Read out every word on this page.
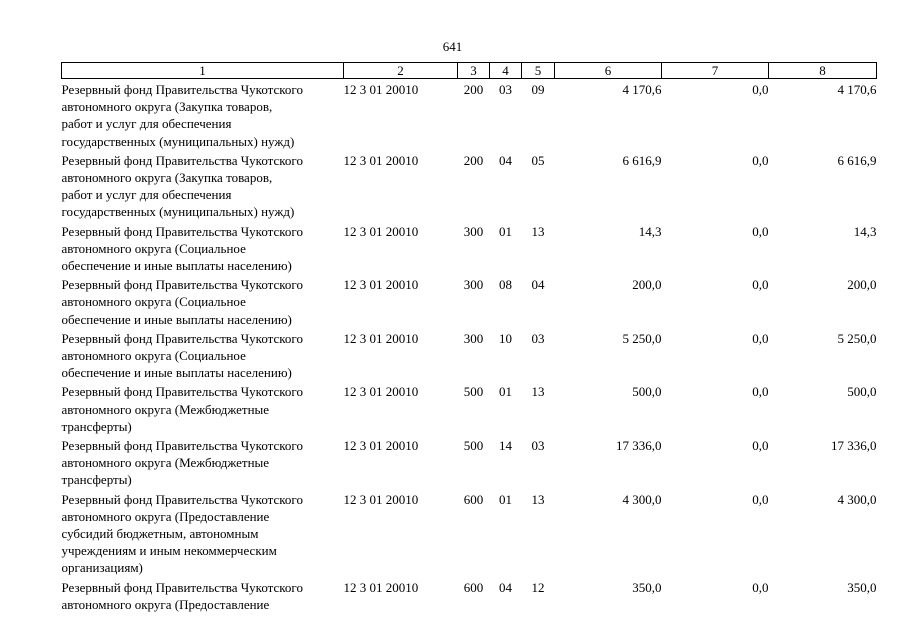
641
1	2	3	4	5	6	7	8

Резервный фонд Правительства Чукотского
автономного округа (Закупка товаров,
работ и услуг для обеспечения
государственных (муниципальных) нужд)	12 3 01 20010	200	03	09	4 170,6	0,0	4 170,6

Резервный фонд Правительства Чукотского
автономного округа (Закупка товаров,
работ и услуг для обеспечения
государственных (муниципальных) нужд)	12 3 01 20010	200	04	05	6 616,9	0,0	6 616,9

Резервный фонд Правительства Чукотского
автономного округа (Социальное
обеспечение и иные выплаты населению)	12 3 01 20010	300	01	13	14,3	0,0	14,3

Резервный фонд Правительства Чукотского
автономного округа (Социальное
обеспечение и иные выплаты населению)	12 3 01 20010	300	08	04	200,0	0,0	200,0

Резервный фонд Правительства Чукотского
автономного округа (Социальное
обеспечение и иные выплаты населению)	12 3 01 20010	300	10	03	5 250,0	0,0	5 250,0

Резервный фонд Правительства Чукотского
автономного округа (Межбюджетные
трансферты)	12 3 01 20010	500	01	13	500,0	0,0	500,0

Резервный фонд Правительства Чукотского
автономного округа (Межбюджетные
трансферты)	12 3 01 20010	500	14	03	17 336,0	0,0	17 336,0

Резервный фонд Правительства Чукотского
автономного округа (Предоставление
субсидий бюджетным, автономным
учреждениям и иным некоммерческим
организациям)	12 3 01 20010	600	01	13	4 300,0	0,0	4 300,0

Резервный фонд Правительства Чукотского
автономного округа (Предоставление	12 3 01 20010	600	04	12	350,0	0,0	350,0
